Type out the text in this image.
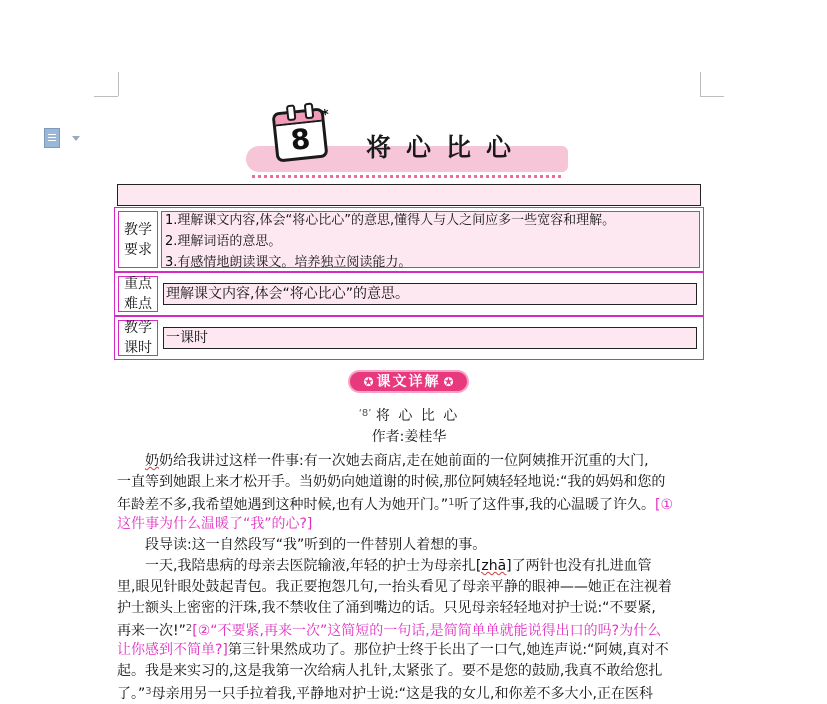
8
*
将心比心
教学
要求
1.理解课文内容,体会“将心比心”的意思,懂得人与人之间应多一些宽容和理解。
2.理解词语的意思。
3.有感情地朗读课文。培养独立阅读能力。
重点
难点
理解课文内容,体会“将心比心”的意思。
教学
课时
一课时
✪ 课文详解 ✪
$^{‘8’}$ 将 心 比 心
作者:姜桂华
奶奶给我讲过这样一件事:有一次她去商店,走在她前面的一位阿姨推开沉重的大门,
一直等到她跟上来才松开手。当奶奶向她道谢的时候,那位阿姨轻轻地说:“我的妈妈和您的
年龄差不多,我希望她遇到这种时候,也有人为她开门。”$^1$听了这件事,我的心温暖了许久。[①
这件事为什么温暖了“我”的心?]
段导读:这一自然段写“我”听到的一件替别人着想的事。
一天,我陪患病的母亲去医院输液,年轻的护士为母亲扎[zhā]了两针也没有扎进血管
里,眼见针眼处鼓起青包。我正要抱怨几句,一抬头看见了母亲平静的眼神——她正在注视着
护士额头上密密的汗珠,我不禁收住了涌到嘴边的话。只见母亲轻轻地对护士说:“不要紧,
再来一次!”$^2$[②“不要紧,再来一次”这简短的一句话,是简简单单就能说得出口的吗?为什么
让你感到不简单?]第三针果然成功了。那位护士终于长出了一口气,她连声说:“阿姨,真对不
起。我是来实习的,这是我第一次给病人扎针,太紧张了。要不是您的鼓励,我真不敢给您扎
了。”$^3$母亲用另一只手拉着我,平静地对护士说:“这是我的女儿,和你差不多大小,正在医科
